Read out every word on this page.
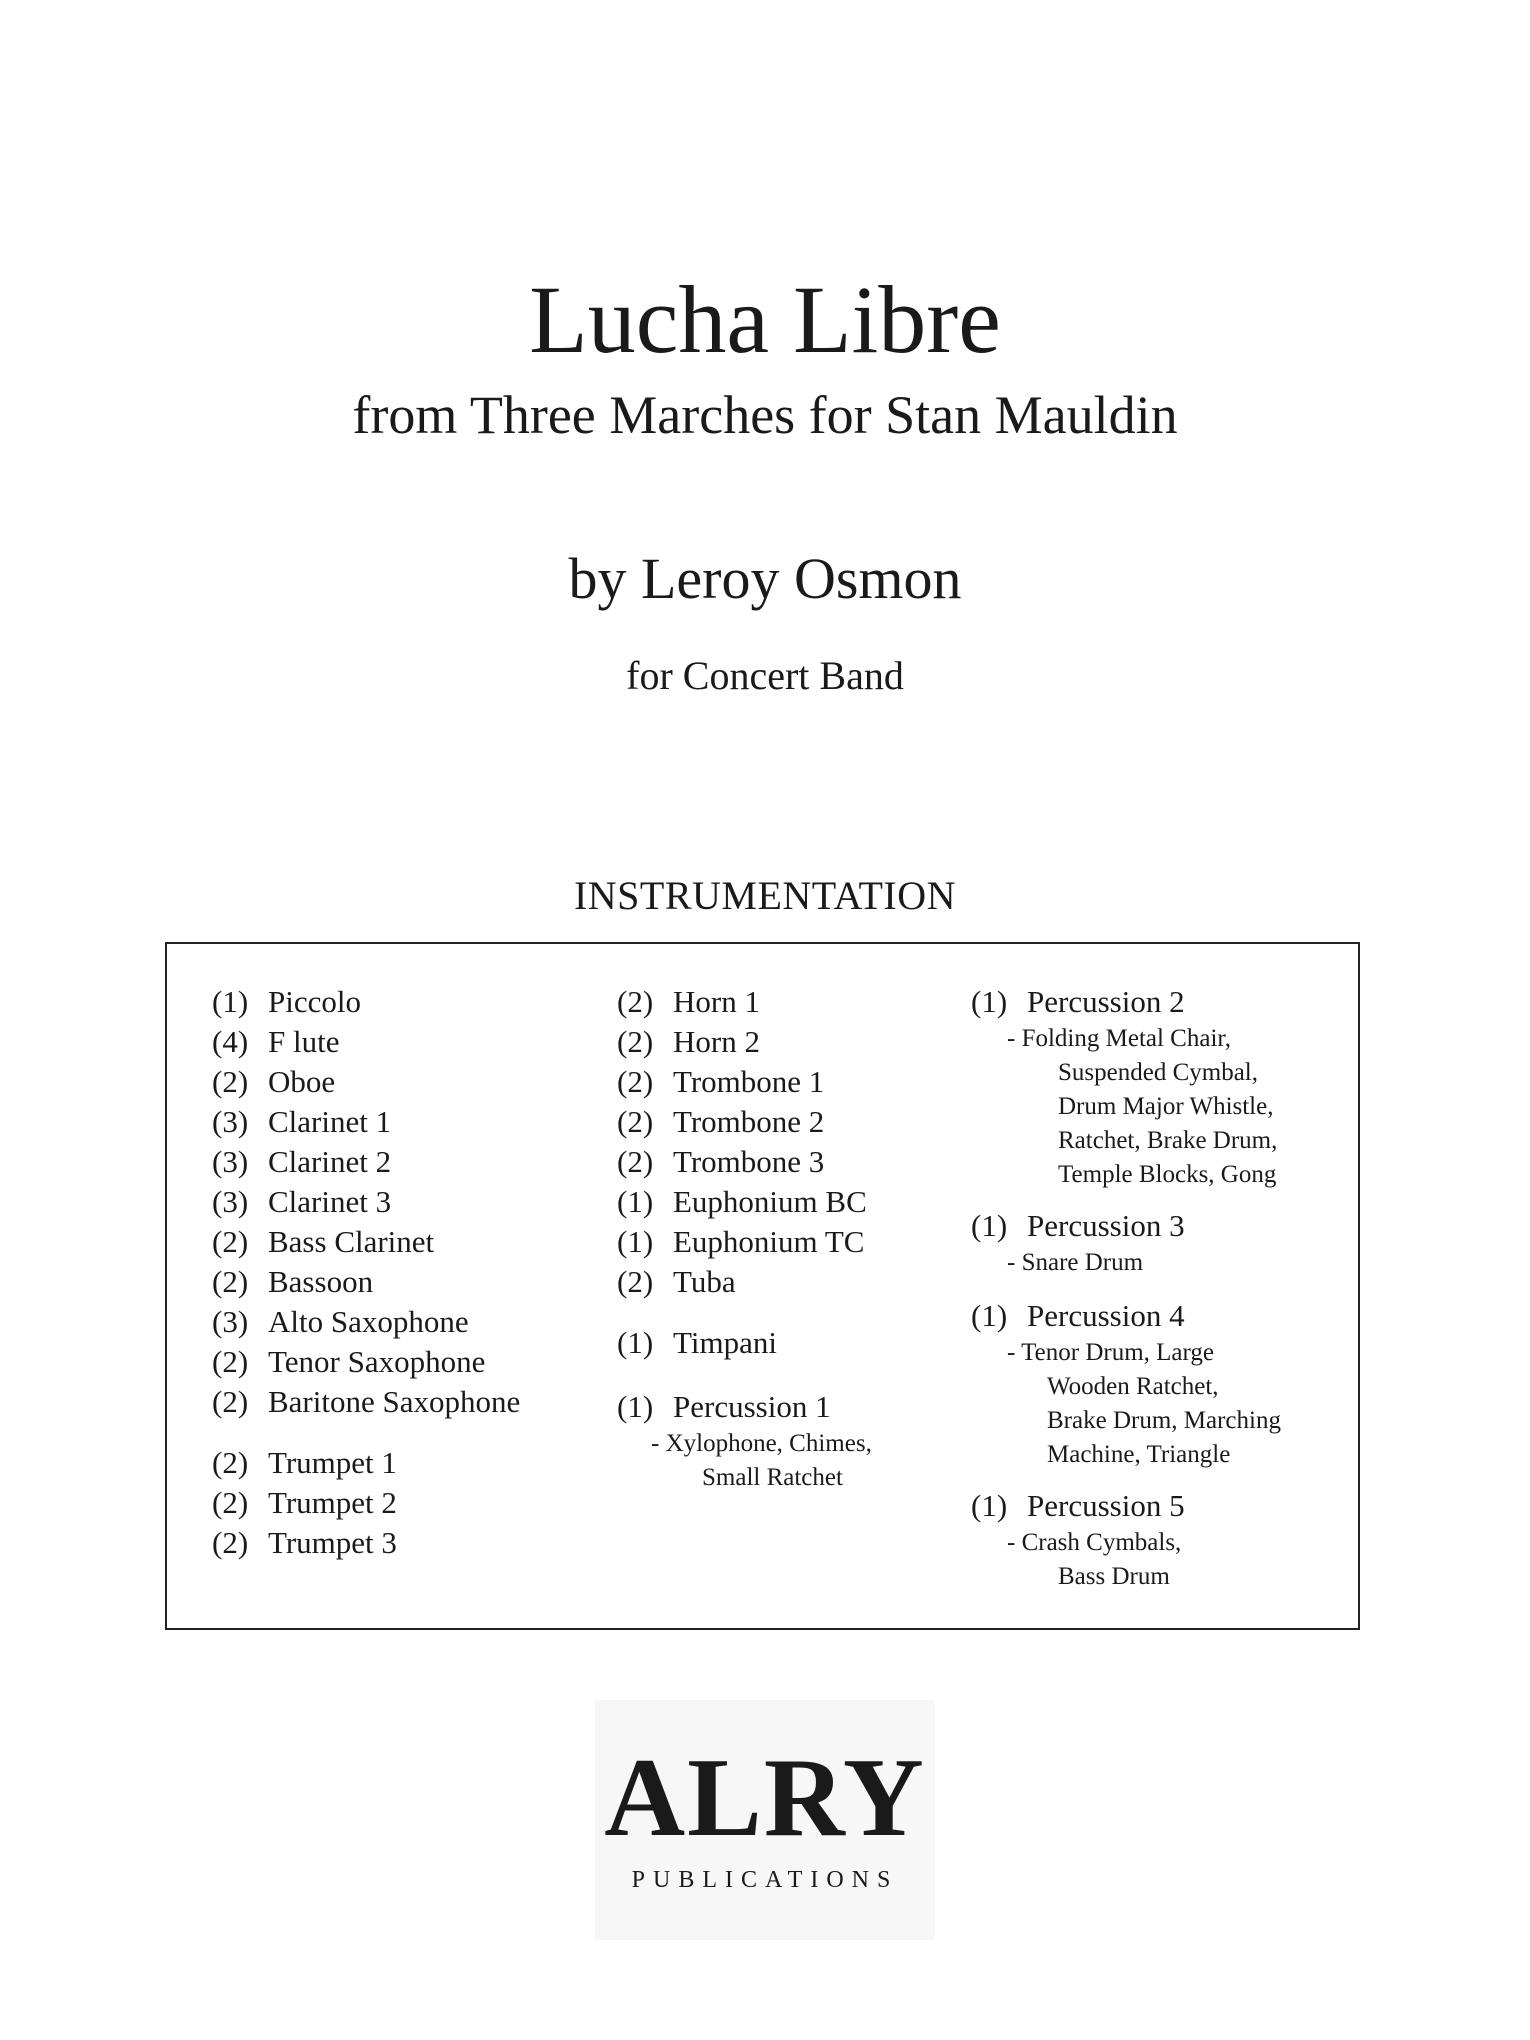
Lucha Libre
from Three Marches for Stan Mauldin
by Leroy Osmon
for Concert Band
INSTRUMENTATION
(1) Piccolo
(4) F lute
(2) Oboe
(3) Clarinet 1
(3) Clarinet 2
(3) Clarinet 3
(2) Bass Clarinet
(2) Bassoon
(3) Alto Saxophone
(2) Tenor Saxophone
(2) Baritone Saxophone
(2) Trumpet 1
(2) Trumpet 2
(2) Trumpet 3
(2) Horn 1
(2) Horn 2
(2) Trombone 1
(2) Trombone 2
(2) Trombone 3
(1) Euphonium BC
(1) Euphonium TC
(2) Tuba
(1) Timpani
(1) Percussion 1
- Xylophone, Chimes,
Small Ratchet
(1) Percussion 2
- Folding Metal Chair,
Suspended Cymbal,
Drum Major Whistle,
Ratchet, Brake Drum,
Temple Blocks, Gong
(1) Percussion 3
- Snare Drum
(1) Percussion 4
- Tenor Drum, Large
Wooden Ratchet,
Brake Drum, Marching
Machine, Triangle
(1) Percussion 5
- Crash Cymbals,
Bass Drum
ALRY
PUBLICATIONS
